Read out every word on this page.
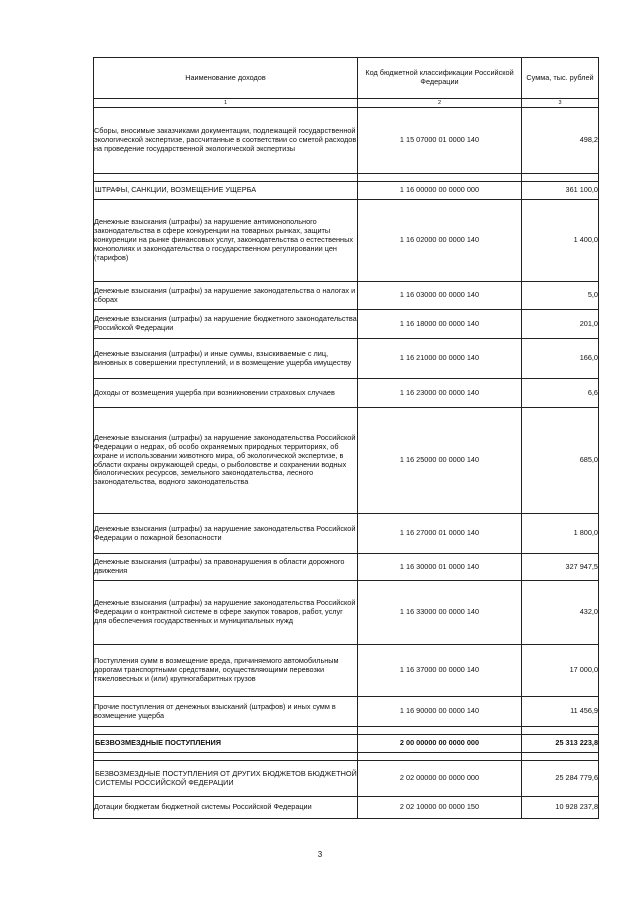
Наименование доходов	Код бюджетной классификации Российской Федерации	Сумма, тыс. рублей
1	2	3
Сборы, вносимые заказчиками документации, подлежащей государственной экологической экспертизе, рассчитанные в соответствии со сметой расходов на проведение государственной экологической экспертизы	1 15 07000 01 0000 140	498,2

ШТРАФЫ, САНКЦИИ, ВОЗМЕЩЕНИЕ УЩЕРБА	1 16 00000 00 0000 000	361 100,0
Денежные взыскания (штрафы) за нарушение антимонопольного законодательства в сфере конкуренции на товарных рынках, защиты конкуренции на рынке финансовых услуг, законодательства о естественных монополиях и законодательства о государственном регулировании цен (тарифов)	1 16 02000 00 0000 140	1 400,0
Денежные взыскания (штрафы) за нарушение законодательства о налогах и сборах	1 16 03000 00 0000 140	5,0
Денежные взыскания (штрафы) за нарушение бюджетного законодательства Российской Федерации	1 16 18000 00 0000 140	201,0
Денежные взыскания (штрафы) и иные суммы, взыскиваемые с лиц, виновных в совершении преступлений, и в возмещение ущерба имуществу	1 16 21000 00 0000 140	166,0
Доходы от возмещения ущерба при возникновении страховых случаев	1 16 23000 00 0000 140	6,6
Денежные взыскания (штрафы) за нарушение законодательства Российской Федерации о недрах, об особо охраняемых природных территориях, об охране и использовании животного мира, об экологической экспертизе, в области охраны окружающей среды, о рыболовстве и сохранении водных биологических ресурсов, земельного законодательства, лесного законодательства, водного законодательства	1 16 25000 00 0000 140	685,0
Денежные взыскания (штрафы) за нарушение законодательства Российской Федерации о пожарной безопасности	1 16 27000 01 0000 140	1 800,0
Денежные взыскания (штрафы) за правонарушения в области дорожного движения	1 16 30000 01 0000 140	327 947,5
Денежные взыскания (штрафы) за нарушение законодательства Российской Федерации о контрактной системе в сфере закупок товаров, работ, услуг для обеспечения государственных и муниципальных нужд	1 16 33000 00 0000 140	432,0
Поступления сумм в возмещение вреда, причиняемого автомобильным дорогам транспортными средствами, осуществляющими перевозки тяжеловесных и (или) крупногабаритных грузов	1 16 37000 00 0000 140	17 000,0
Прочие поступления от денежных взысканий (штрафов) и иных сумм в возмещение ущерба	1 16 90000 00 0000 140	11 456,9

БЕЗВОЗМЕЗДНЫЕ ПОСТУПЛЕНИЯ	2 00 00000 00 0000 000	25 313 223,8

БЕЗВОЗМЕЗДНЫЕ ПОСТУПЛЕНИЯ ОТ ДРУГИХ БЮДЖЕТОВ БЮДЖЕТНОЙ СИСТЕМЫ РОССИЙСКОЙ ФЕДЕРАЦИИ	2 02 00000 00 0000 000	25 284 779,6
Дотации бюджетам бюджетной системы Российской Федерации	2 02 10000 00 0000 150	10 928 237,8
3
